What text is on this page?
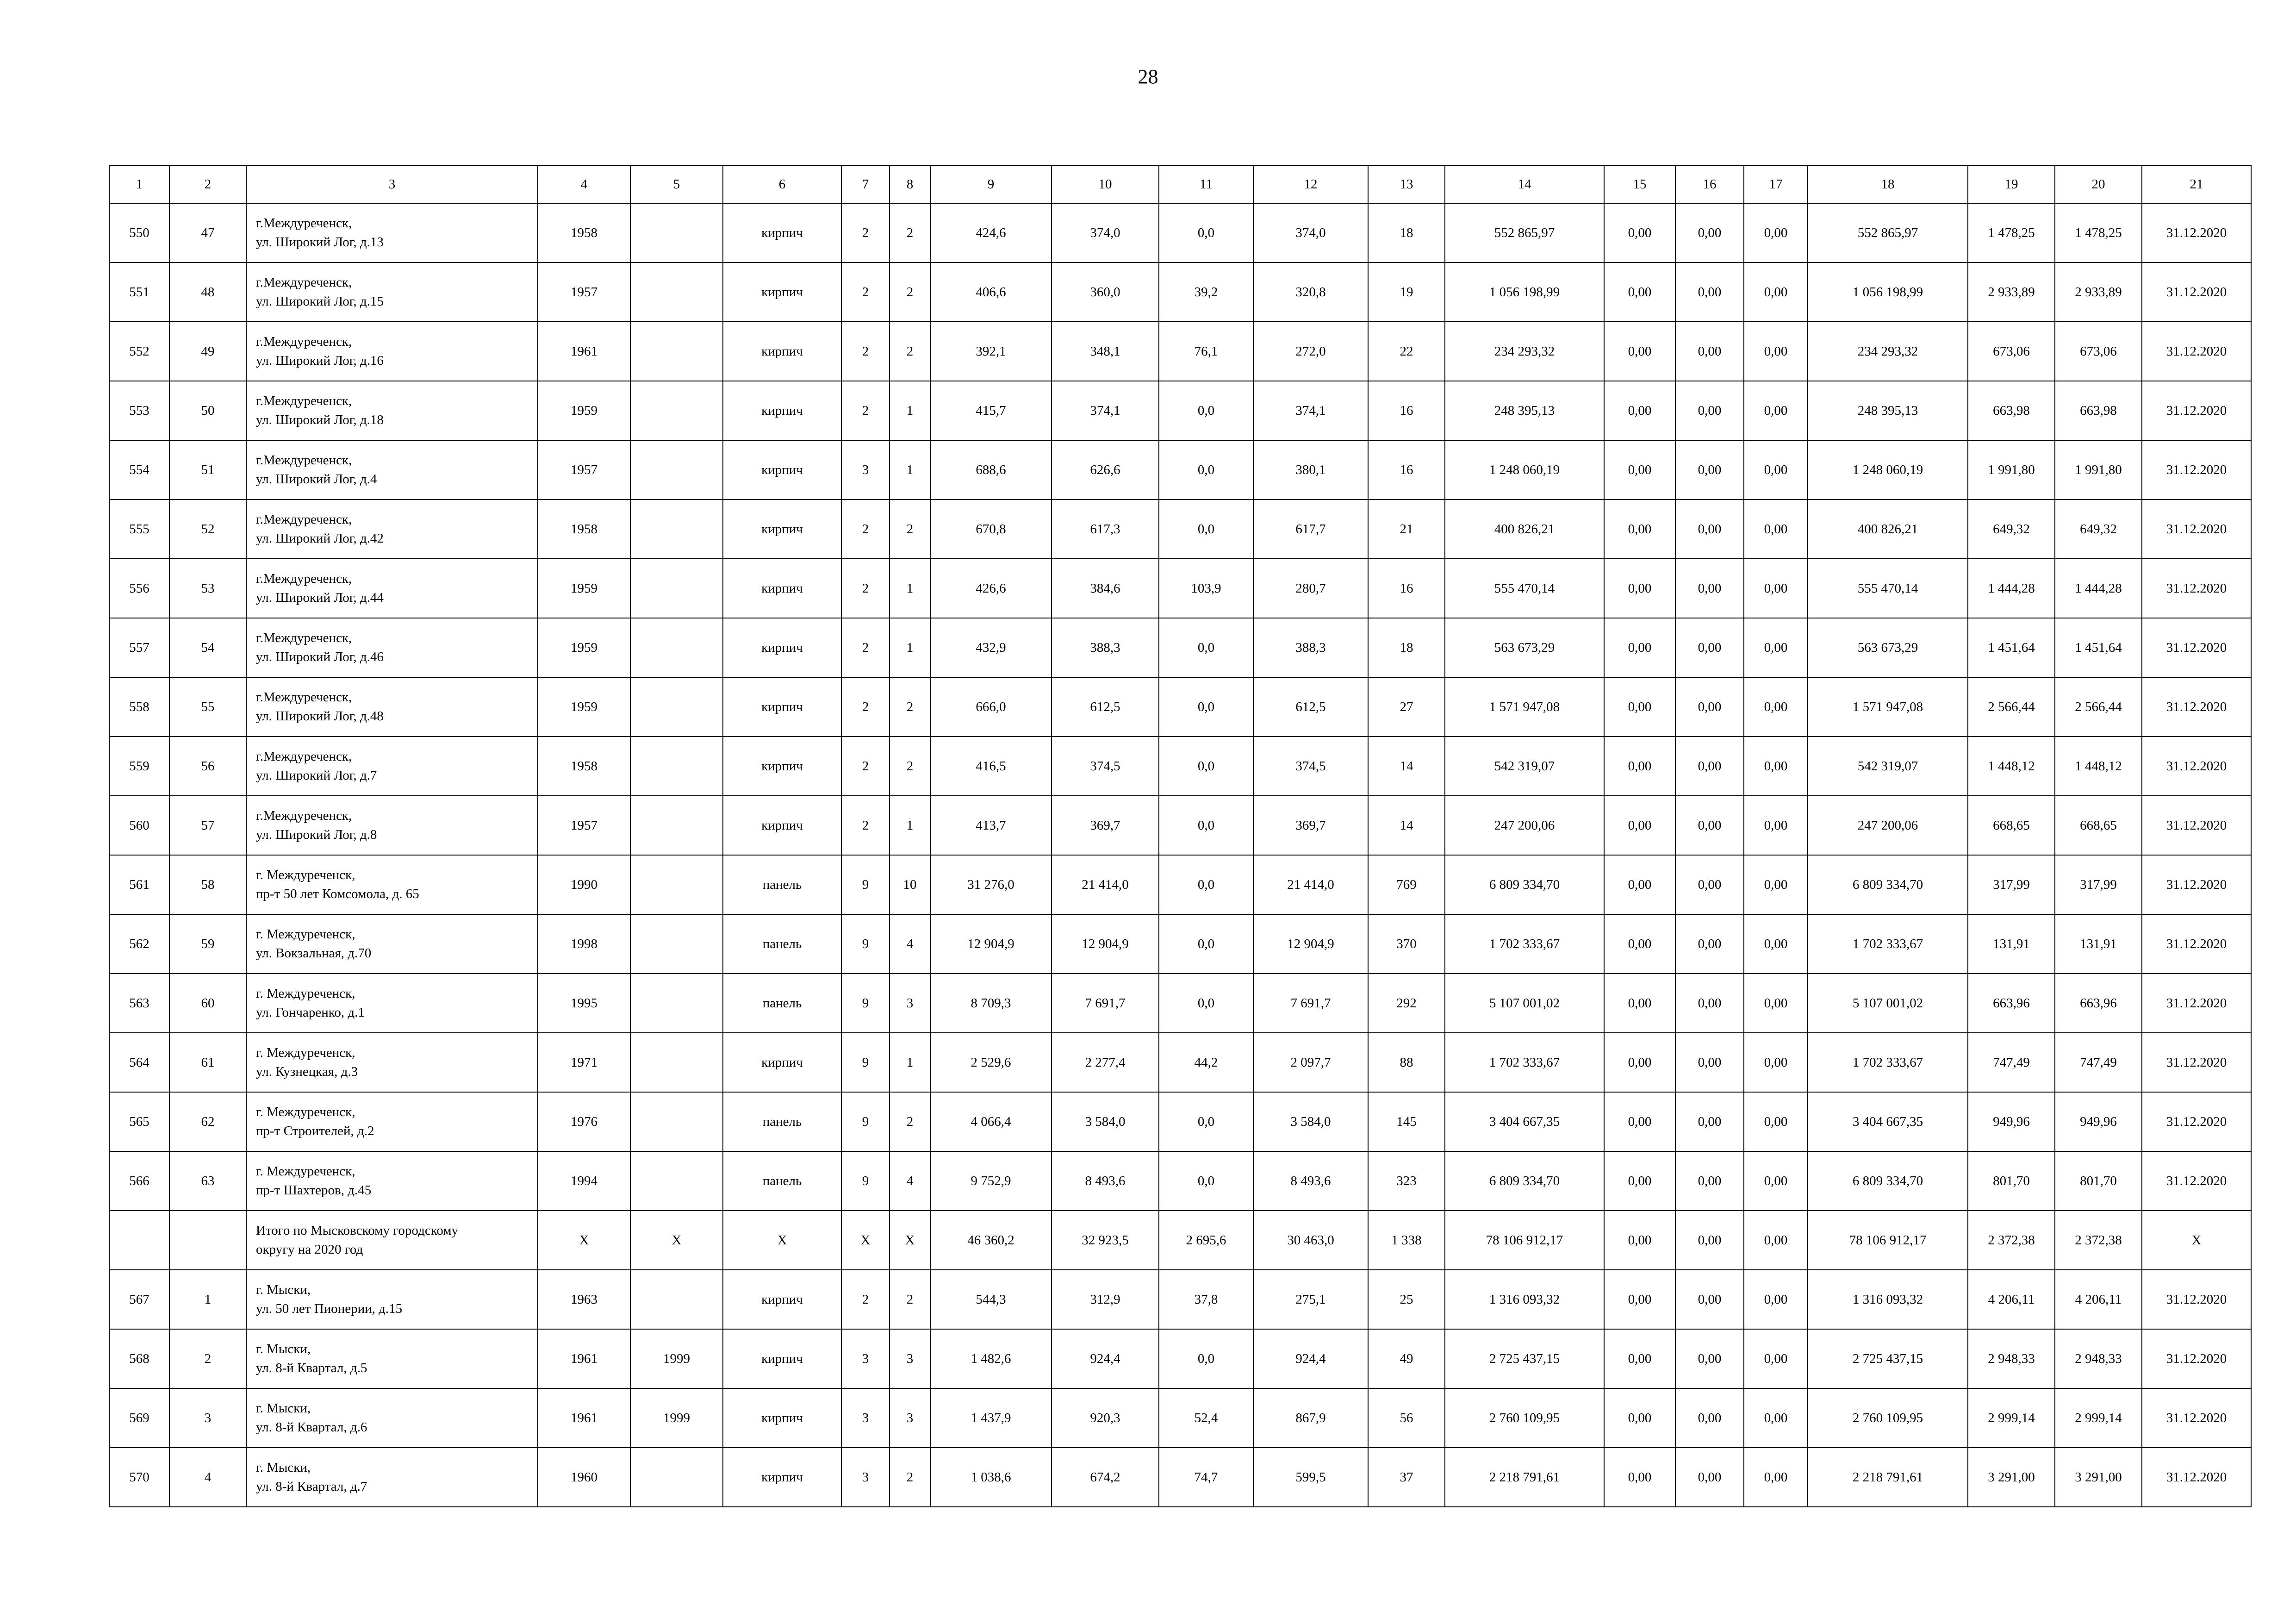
28
1	2	3	4	5	6	7	8	9	10	11	12	13	14	15	16	17	18	19	20	21
550	47	г.Междуреченск,
ул. Широкий Лог, д.13	1958		кирпич	2	2	424,6	374,0	0,0	374,0	18	552 865,97	0,00	0,00	0,00	552 865,97	1 478,25	1 478,25	31.12.2020
551	48	г.Междуреченск,
ул. Широкий Лог, д.15	1957		кирпич	2	2	406,6	360,0	39,2	320,8	19	1 056 198,99	0,00	0,00	0,00	1 056 198,99	2 933,89	2 933,89	31.12.2020
552	49	г.Междуреченск,
ул. Широкий Лог, д.16	1961		кирпич	2	2	392,1	348,1	76,1	272,0	22	234 293,32	0,00	0,00	0,00	234 293,32	673,06	673,06	31.12.2020
553	50	г.Междуреченск,
ул. Широкий Лог, д.18	1959		кирпич	2	1	415,7	374,1	0,0	374,1	16	248 395,13	0,00	0,00	0,00	248 395,13	663,98	663,98	31.12.2020
554	51	г.Междуреченск,
ул. Широкий Лог, д.4	1957		кирпич	3	1	688,6	626,6	0,0	380,1	16	1 248 060,19	0,00	0,00	0,00	1 248 060,19	1 991,80	1 991,80	31.12.2020
555	52	г.Междуреченск,
ул. Широкий Лог, д.42	1958		кирпич	2	2	670,8	617,3	0,0	617,7	21	400 826,21	0,00	0,00	0,00	400 826,21	649,32	649,32	31.12.2020
556	53	г.Междуреченск,
ул. Широкий Лог, д.44	1959		кирпич	2	1	426,6	384,6	103,9	280,7	16	555 470,14	0,00	0,00	0,00	555 470,14	1 444,28	1 444,28	31.12.2020
557	54	г.Междуреченск,
ул. Широкий Лог, д.46	1959		кирпич	2	1	432,9	388,3	0,0	388,3	18	563 673,29	0,00	0,00	0,00	563 673,29	1 451,64	1 451,64	31.12.2020
558	55	г.Междуреченск,
ул. Широкий Лог, д.48	1959		кирпич	2	2	666,0	612,5	0,0	612,5	27	1 571 947,08	0,00	0,00	0,00	1 571 947,08	2 566,44	2 566,44	31.12.2020
559	56	г.Междуреченск,
ул. Широкий Лог, д.7	1958		кирпич	2	2	416,5	374,5	0,0	374,5	14	542 319,07	0,00	0,00	0,00	542 319,07	1 448,12	1 448,12	31.12.2020
560	57	г.Междуреченск,
ул. Широкий Лог, д.8	1957		кирпич	2	1	413,7	369,7	0,0	369,7	14	247 200,06	0,00	0,00	0,00	247 200,06	668,65	668,65	31.12.2020
561	58	г. Междуреченск,
пр-т 50 лет Комсомола, д. 65	1990		панель	9	10	31 276,0	21 414,0	0,0	21 414,0	769	6 809 334,70	0,00	0,00	0,00	6 809 334,70	317,99	317,99	31.12.2020
562	59	г. Междуреченск,
ул. Вокзальная, д.70	1998		панель	9	4	12 904,9	12 904,9	0,0	12 904,9	370	1 702 333,67	0,00	0,00	0,00	1 702 333,67	131,91	131,91	31.12.2020
563	60	г. Междуреченск,
ул. Гончаренко, д.1	1995		панель	9	3	8 709,3	7 691,7	0,0	7 691,7	292	5 107 001,02	0,00	0,00	0,00	5 107 001,02	663,96	663,96	31.12.2020
564	61	г. Междуреченск,
ул. Кузнецкая, д.3	1971		кирпич	9	1	2 529,6	2 277,4	44,2	2 097,7	88	1 702 333,67	0,00	0,00	0,00	1 702 333,67	747,49	747,49	31.12.2020
565	62	г. Междуреченск,
пр-т Строителей, д.2	1976		панель	9	2	4 066,4	3 584,0	0,0	3 584,0	145	3 404 667,35	0,00	0,00	0,00	3 404 667,35	949,96	949,96	31.12.2020
566	63	г. Междуреченск,
пр-т Шахтеров, д.45	1994		панель	9	4	9 752,9	8 493,6	0,0	8 493,6	323	6 809 334,70	0,00	0,00	0,00	6 809 334,70	801,70	801,70	31.12.2020

		Итого по Мысковскому городскому
округу на 2020 год	X	X	X	X	X	46 360,2	32 923,5	2 695,6	30 463,0	1 338	78 106 912,17	0,00	0,00	0,00	78 106 912,17	2 372,38	2 372,38	X
567	1	г. Мыски,
ул. 50 лет Пионерии, д.15	1963		кирпич	2	2	544,3	312,9	37,8	275,1	25	1 316 093,32	0,00	0,00	0,00	1 316 093,32	4 206,11	4 206,11	31.12.2020
568	2	г. Мыски,
ул. 8-й Квартал, д.5	1961	1999	кирпич	3	3	1 482,6	924,4	0,0	924,4	49	2 725 437,15	0,00	0,00	0,00	2 725 437,15	2 948,33	2 948,33	31.12.2020
569	3	г. Мыски,
ул. 8-й Квартал, д.6	1961	1999	кирпич	3	3	1 437,9	920,3	52,4	867,9	56	2 760 109,95	0,00	0,00	0,00	2 760 109,95	2 999,14	2 999,14	31.12.2020
570	4	г. Мыски,
ул. 8-й Квартал, д.7	1960		кирпич	3	2	1 038,6	674,2	74,7	599,5	37	2 218 791,61	0,00	0,00	0,00	2 218 791,61	3 291,00	3 291,00	31.12.2020
